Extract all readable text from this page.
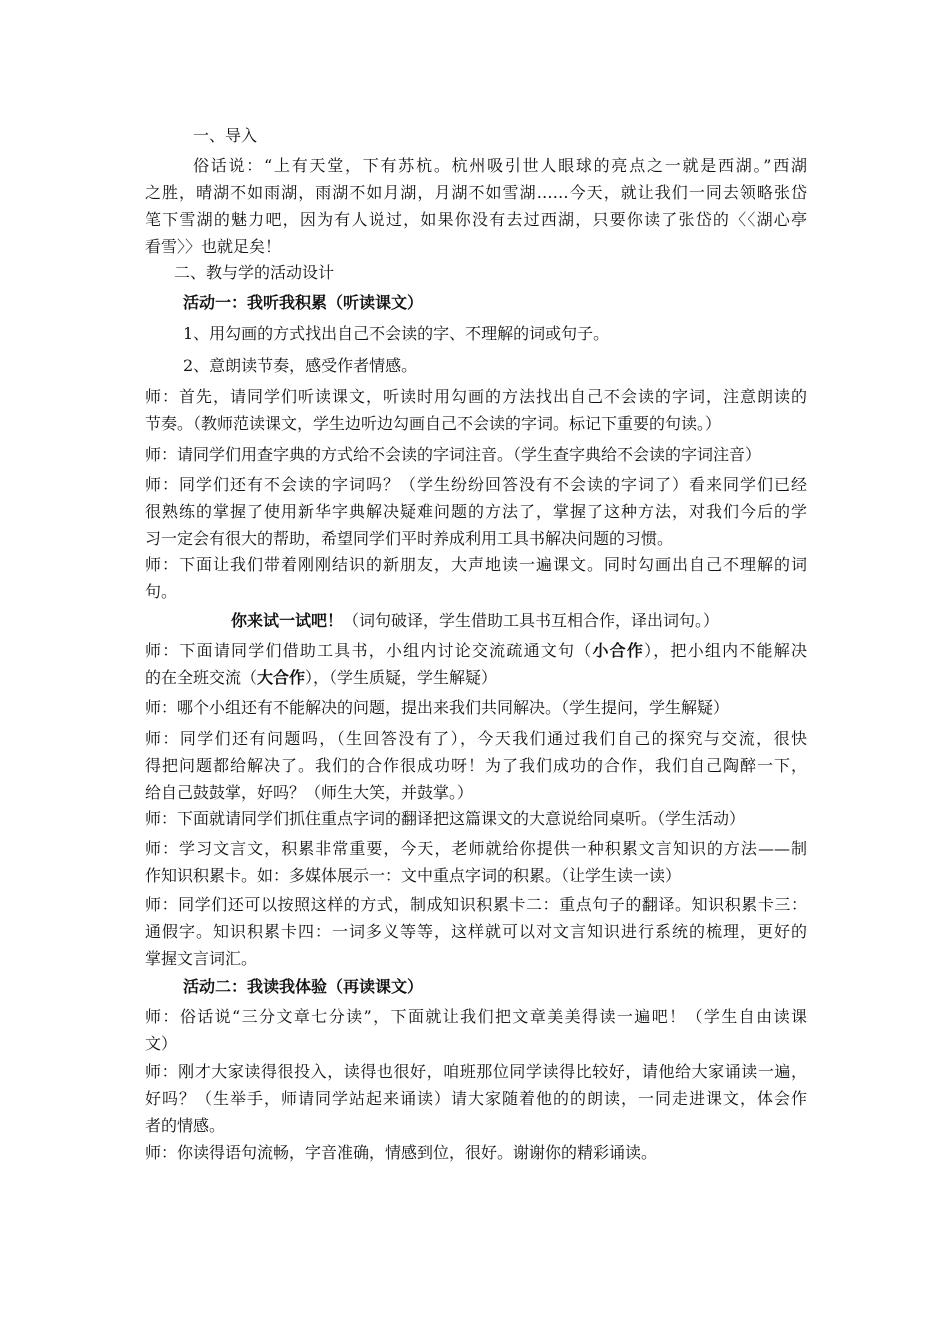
一、导入
俗话说：“上有天堂，下有苏杭。杭州吸引世人眼球的亮点之一就是西湖。”西湖
之胜，晴湖不如雨湖，雨湖不如月湖，月湖不如雪湖……今天，就让我们一同去领略张岱
笔下雪湖的魅力吧，因为有人说过，如果你没有去过西湖，只要你读了张岱的〈〈湖心亭
看雪〉〉也就足矣！
二、教与学的活动设计
活动一：我听我积累（听读课文）
1、用勾画的方式找出自己不会读的字、不理解的词或句子。
2、意朗读节奏，感受作者情感。
师：首先，请同学们听读课文，听读时用勾画的方法找出自己不会读的字词，注意朗读的
节奏。（教师范读课文，学生边听边勾画自己不会读的字词。标记下重要的句读。）
师：请同学们用查字典的方式给不会读的字词注音。（学生查字典给不会读的字词注音）
师：同学们还有不会读的字词吗？（学生纷纷回答没有不会读的字词了）看来同学们已经
很熟练的掌握了使用新华字典解决疑难问题的方法了，掌握了这种方法，对我们今后的学
习一定会有很大的帮助，希望同学们平时养成利用工具书解决问题的习惯。
师：下面让我们带着刚刚结识的新朋友，大声地读一遍课文。同时勾画出自己不理解的词
句。
你来试一试吧！（词句破译，学生借助工具书互相合作，译出词句。）
师：下面请同学们借助工具书，小组内讨论交流疏通文句（小合作），把小组内不能解决
的在全班交流（大合作），（学生质疑，学生解疑）
师：哪个小组还有不能解决的问题，提出来我们共同解决。（学生提问，学生解疑）
师：同学们还有问题吗，（生回答没有了），今天我们通过我们自己的探究与交流，很快
得把问题都给解决了。我们的合作很成功呀！为了我们成功的合作，我们自己陶醉一下，
给自己鼓鼓掌，好吗？（师生大笑，并鼓掌。）
师：下面就请同学们抓住重点字词的翻译把这篇课文的大意说给同桌听。（学生活动）
师：学习文言文，积累非常重要，今天，老师就给你提供一种积累文言知识的方法——制
作知识积累卡。如：多媒体展示一：文中重点字词的积累。（让学生读一读）
师：同学们还可以按照这样的方式，制成知识积累卡二：重点句子的翻译。知识积累卡三：
通假字。知识积累卡四：一词多义等等，这样就可以对文言知识进行系统的梳理，更好的
掌握文言词汇。
活动二：我读我体验（再读课文）
师：俗话说“三分文章七分读”，下面就让我们把文章美美得读一遍吧！（学生自由读课
文）
师：刚才大家读得很投入，读得也很好，咱班那位同学读得比较好，请他给大家诵读一遍，
好吗？（生举手，师请同学站起来诵读）请大家随着他的的朗读，一同走进课文，体会作
者的情感。
师：你读得语句流畅，字音准确，情感到位，很好。谢谢你的精彩诵读。
